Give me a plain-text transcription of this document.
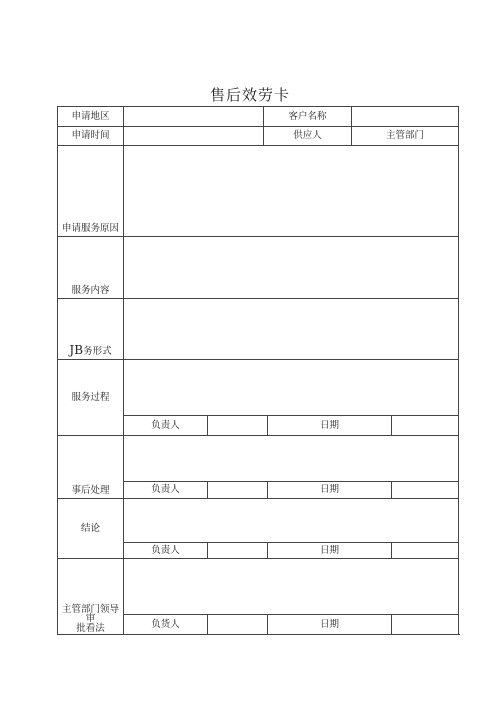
售后效劳卡
申请地区			客户名称			
申请时间			供应人		主管部门	
申请服务原因						
服务内容						
JB务形式						
服务过程						
	负责人			日期		
事后处理						
	负责人			日期		
结论						
	负责人			日期		
主管部门领导审
批看法						
	负货人			日期		
